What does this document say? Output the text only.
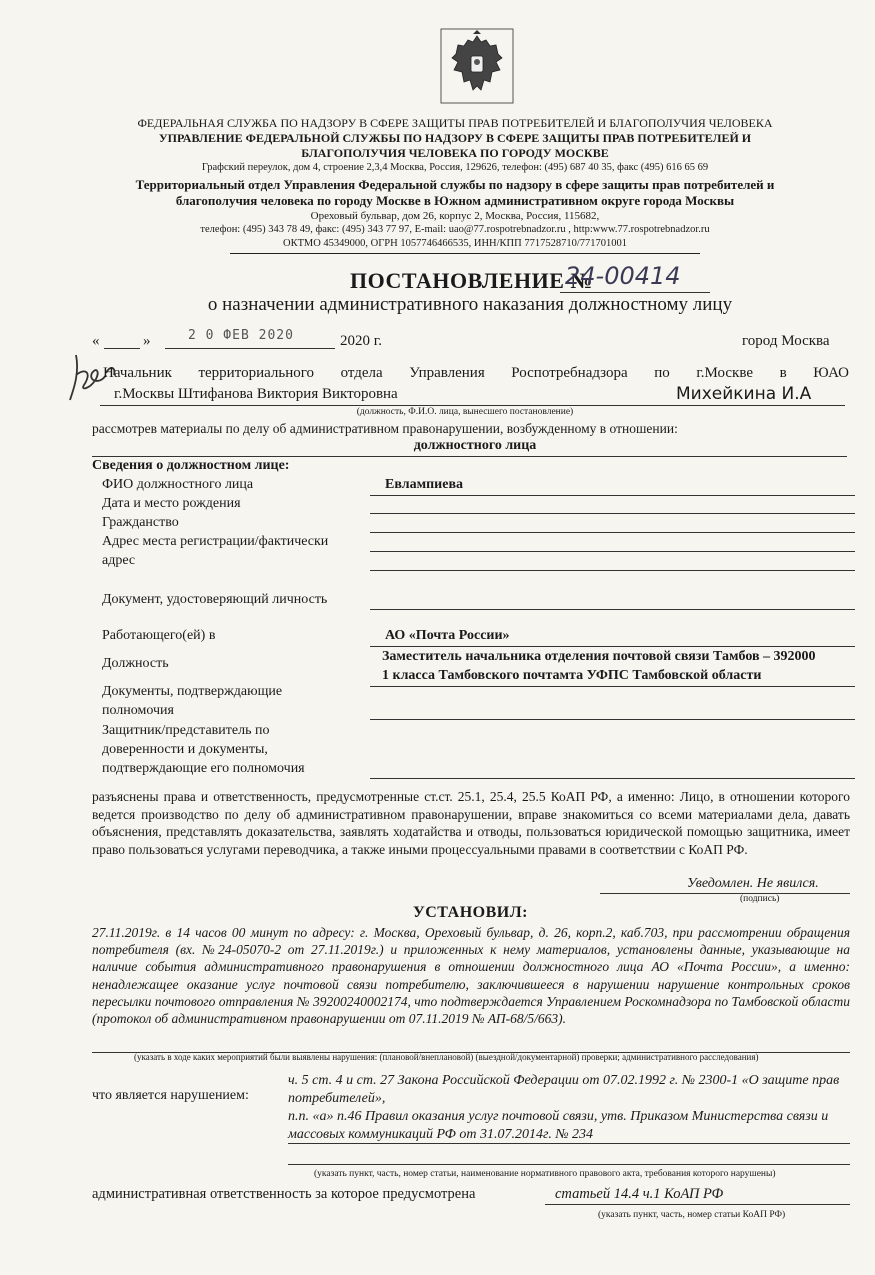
ФЕДЕРАЛЬНАЯ СЛУЖБА ПО НАДЗОРУ В СФЕРЕ ЗАЩИТЫ ПРАВ ПОТРЕБИТЕЛЕЙ И БЛАГОПОЛУЧИЯ ЧЕЛОВЕКА
УПРАВЛЕНИЕ ФЕДЕРАЛЬНОЙ СЛУЖБЫ ПО НАДЗОРУ В СФЕРЕ ЗАЩИТЫ ПРАВ ПОТРЕБИТЕЛЕЙ И
БЛАГОПОЛУЧИЯ ЧЕЛОВЕКА ПО ГОРОДУ МОСКВЕ
Графский переулок, дом 4, строение 2,3,4 Москва, Россия, 129626, телефон: (495) 687 40 35, факс (495) 616 65 69
Территориальный отдел Управления Федеральной службы по надзору в сфере защиты прав потребителей и
благополучия человека по городу Москве в Южном административном округе города Москвы
Ореховый бульвар, дом 26, корпус 2, Москва, Россия, 115682,
телефон: (495) 343 78 49, факс: (495) 343 77 97, E-mail: uao@77.rospotrebnadzor.ru , http:www.77.rospotrebnadzor.ru
ОКТМО 45349000, ОГРН 1057746466535, ИНН/КПП 7717528710/771701001
ПОСТАНОВЛЕНИЕ №
24-00414
о назначении административного наказания должностному лицу
«	»	2 0 ФЕВ 2020	2020 г.	город Москва
Начальник территориального отдела Управления Роспотребнадзора по г.Москве в ЮАО
г.Москвы Штифанова Виктория Викторовна	Михейкина И.А
(должность, Ф.И.О. лица, вынесшего постановление)
рассмотрев материалы по делу об административном правонарушении, возбужденному в отношении:
должностного лица
Сведения о должностном лице:
ФИО должностного лица	Евлампиева
Дата и место рождения
Гражданство
Адрес места регистрации/фактически
адрес
Документ, удостоверяющий личность
Работающего(ей) в	АО «Почта России»
Должность	Заместитель начальника отделения почтовой связи Тамбов – 392000
1 класса Тамбовского почтамта УФПС Тамбовской области
Документы, подтверждающие
полномочия
Защитник/представитель по
доверенности и документы,
подтверждающие его полномочия
разъяснены права и ответственность, предусмотренные ст.ст. 25.1, 25.4, 25.5 КоАП РФ, а именно: Лицо, в отношении которого ведется производство по делу об административном правонарушении, вправе знакомиться со всеми материалами дела, давать объяснения, представлять доказательства, заявлять ходатайства и отводы, пользоваться юридической помощью защитника, имеет право пользоваться услугами переводчика, а также иными процессуальными правами в соответствии с КоАП РФ.
Уведомлен. Не явился.
(подпись)
УСТАНОВИЛ:
27.11.2019г. в 14 часов 00 минут по адресу: г. Москва, Ореховый бульвар, д. 26, корп.2, каб.703, при рассмотрении обращения потребителя (вх. №24-05070-2 от 27.11.2019г.) и приложенных к нему материалов, установлены данные, указывающие на наличие события административного правонарушения в отношении должностного лица АО «Почта России», а именно: ненадлежащее оказание услуг почтовой связи потребителю, заключившееся в нарушении нарушение контрольных сроков пересылки почтового отправления № 39200240002174, что подтверждается Управлением Роскомнадзора по Тамбовской области (протокол об административном правонарушении от 07.11.2019 № АП-68/5/663).
(указать в ходе каких мероприятий были выявлены нарушения: (плановой/внеплановой) (выездной/документарной) проверки; административного расследования)
что является нарушением:
ч. 5 ст. 4 и ст. 27 Закона Российской Федерации от 07.02.1992 г. № 2300-1 «О защите прав потребителей»,
п.п. «а» п.46 Правил оказания услуг почтовой связи, утв. Приказом Министерства связи и массовых коммуникаций РФ от 31.07.2014г. № 234
(указать пункт, часть, номер статьи, наименование нормативного правового акта, требования которого нарушены)
административная ответственность за которое предусмотрена	статьей 14.4 ч.1 КоАП РФ
(указать пункт, часть, номер статьи КоАП РФ)
